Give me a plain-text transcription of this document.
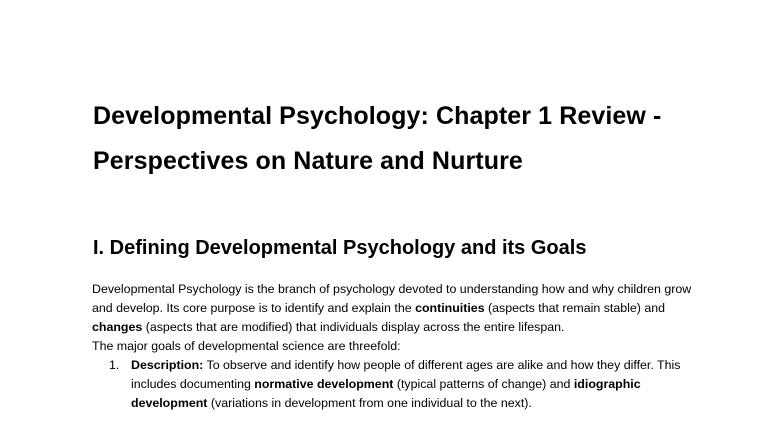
Developmental Psychology: Chapter 1 Review - Perspectives on Nature and Nurture
I. Defining Developmental Psychology and its Goals

Developmental Psychology is the branch of psychology devoted to understanding how and why children grow and develop. Its core purpose is to identify and explain the continuities (aspects that remain stable) and changes (aspects that are modified) that individuals display across the entire lifespan.

The major goals of developmental science are threefold:

1. Description: To observe and identify how people of different ages are alike and how they differ. This includes documenting normative development (typical patterns of change) and idiographic development (variations in development from one individual to the next).
